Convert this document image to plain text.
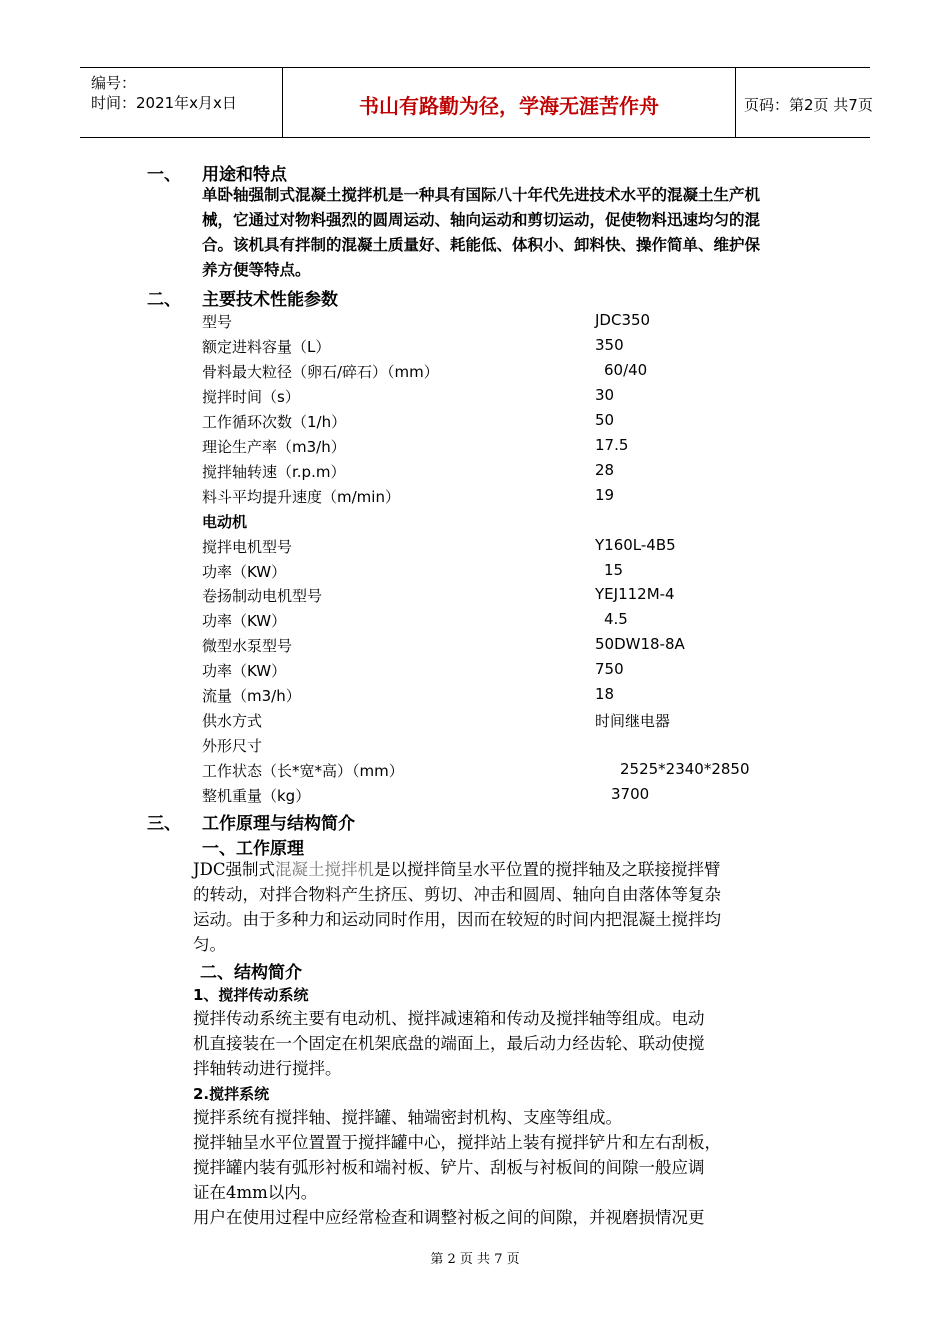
编号：
时间：2021年x月x日	书山有路勤为径，学海无涯苦作舟	页码：第2页 共7页
一、 用途和特点
单卧轴强制式混凝土搅拌机是一种具有国际八十年代先进技术水平的混凝土生产机
械，它通过对物料强烈的圆周运动、轴向运动和剪切运动，促使物料迅速均匀的混
合。该机具有拌制的混凝土质量好、耗能低、体积小、卸料快、操作简单、维护保
养方便等特点。
二、 主要技术性能参数
型号	JDC350
额定进料容量（L）	350
骨料最大粒径（卵石/碎石）（mm）	60/40
搅拌时间（s）	30
工作循环次数（1/h）	50
理论生产率（m3/h）	17.5
搅拌轴转速（r.p.m）	28
料斗平均提升速度（m/min）	19
电动机
搅拌电机型号	Y160L-4B5
功率（KW）	15
卷扬制动电机型号	YEJ112M-4
功率（KW）	4.5
微型水泵型号	50DW18-8A
功率（KW）	750
流量（m3/h）	18
供水方式	时间继电器
外形尺寸
工作状态（长*宽*高）（mm）	2525*2340*2850
整机重量（kg）	3700
三、 工作原理与结构简介
一、工作原理
JDC强制式混凝土搅拌机是以搅拌筒呈水平位置的搅拌轴及之联接搅拌臂
的转动，对拌合物料产生挤压、剪切、冲击和圆周、轴向自由落体等复杂
运动。由于多种力和运动同时作用，因而在较短的时间内把混凝土搅拌均
匀。
二、结构简介
1、搅拌传动系统
搅拌传动系统主要有电动机、搅拌减速箱和传动及搅拌轴等组成。电动
机直接装在一个固定在机架底盘的端面上，最后动力经齿轮、联动使搅
拌轴转动进行搅拌。
2.搅拌系统
搅拌系统有搅拌轴、搅拌罐、轴端密封机构、支座等组成。
搅拌轴呈水平位置置于搅拌罐中心，搅拌站上装有搅拌铲片和左右刮板，
搅拌罐内装有弧形衬板和端衬板、铲片、刮板与衬板间的间隙一般应调
证在4mm以内。
用户在使用过程中应经常检查和调整衬板之间的间隙，并视磨损情况更
第 2 页 共 7 页
